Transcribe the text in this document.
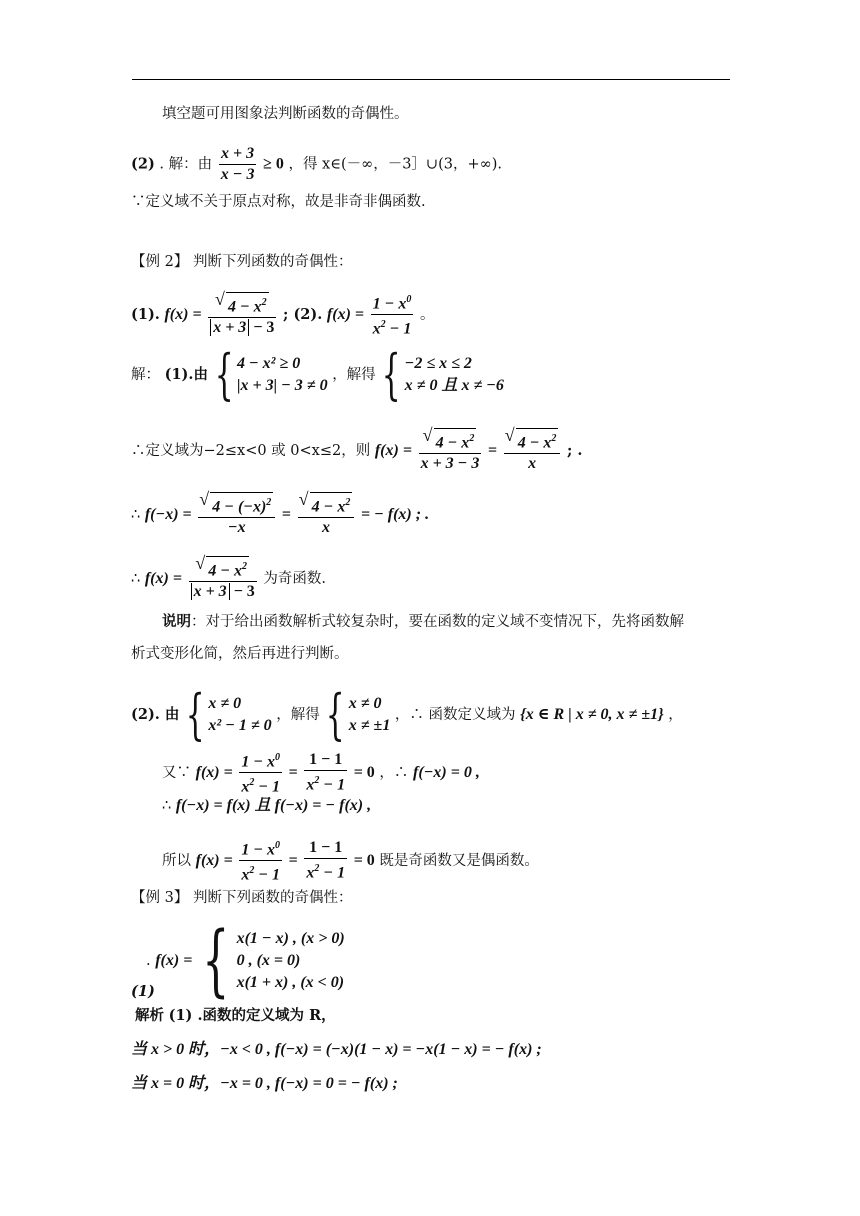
填空题可用图象法判断函数的奇偶性。
(2) . 解：由 $\frac{x + 3}{x - 3} \ge 0$ ，得 x∈(－∞，－3］∪(3，+∞).
∵定义域不关于原点对称，故是非奇非偶函数.
【例 2】 判断下列函数的奇偶性：
(1). f(x) = √ $\frac{4 - x^2}{x + 3 - 3}$ ; (2). $f(x) = \frac{1 - x^0}{x^2 - 1}$ 。
解： (1).由 { 4 − x² ≥ 0
|x + 3| − 3 ≠ 0
，解得 { −2 ≤ x ≤ 2
x ≠ 0 且 x ≠ −6
∴定义域为−2≤x<0 或 0<x≤2，则 f(x) = √ $\frac{4 - x^2}{x + 3 - 3}$ = √ $\frac{4 - x^2}{x}$ ; .
∴ f(−x) = √ $\frac{4 - (-x)^2}{-x}$ = √ $\frac{4 - x^2}{x}$ = − f(x) ; .
∴ f(x) = √ $\frac{4 - x^2}{x + 3 - 3}$ 为奇函数.
说明：对于给出函数解析式较复杂时，要在函数的定义域不变情况下，先将函数解
析式变形化简，然后再进行判断。
(2). 由 { x ≠ 0
x² − 1 ≠ 0
，解得 { x ≠ 0
x ≠ ±1
，∴ 函数定义域为 {x ∈ R | x ≠ 0, x ≠ ±1} ，
又∵ $f(x) = \frac{1 - x^0}{x^2 - 1} = \frac{1 - 1}{x^2 - 1} = 0$ ，∴ f(−x) = 0 ,
∴ f(−x) = f(x) 且 f(−x) = − f(x) ,
所以 $f(x) = \frac{1 - x^0}{x^2 - 1} = \frac{1 - 1}{x^2 - 1} = 0$ 既是奇函数又是偶函数。
【例 3】 判断下列函数的奇偶性：
. f(x) = { x(1 − x) , (x > 0)
0 , (x = 0)
x(1 + x) , (x < 0)
(1)
解析 (1) .函数的定义域为 R，
当 x > 0 时，−x < 0 , f(−x) = (−x)(1 − x) = −x(1 − x) = − f(x) ;
当 x = 0 时，−x = 0 , f(−x) = 0 = − f(x) ;
